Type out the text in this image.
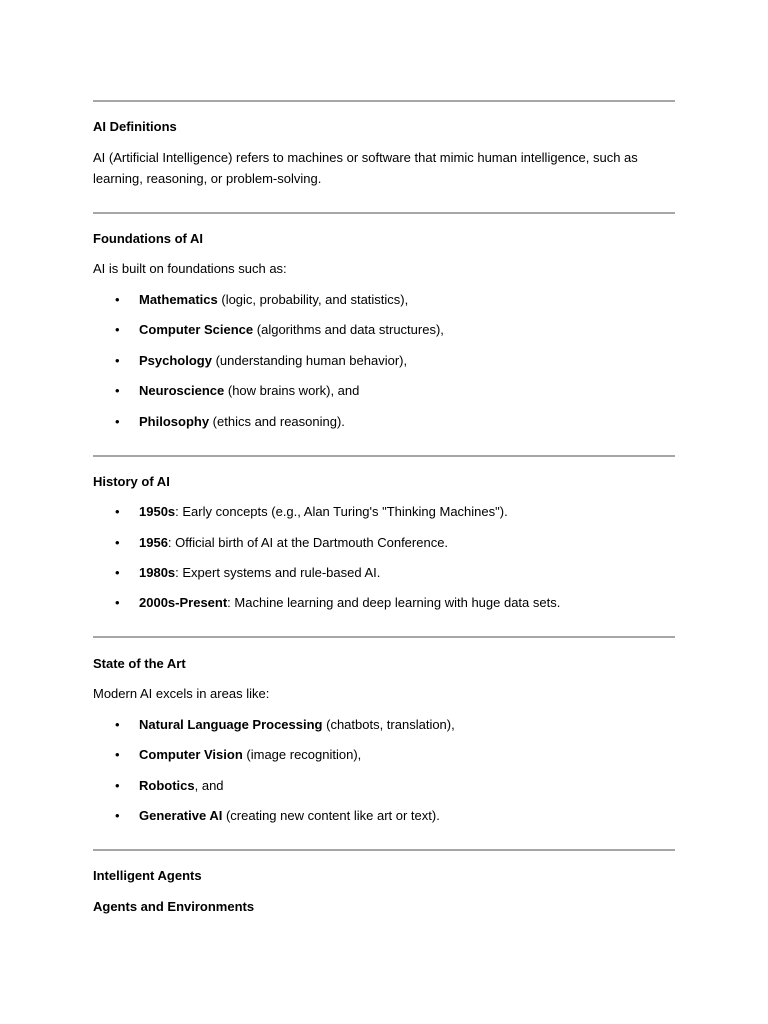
AI Definitions
AI (Artificial Intelligence) refers to machines or software that mimic human intelligence, such as learning, reasoning, or problem-solving.
Foundations of AI
AI is built on foundations such as:
•	Mathematics (logic, probability, and statistics),
•	Computer Science (algorithms and data structures),
•	Psychology (understanding human behavior),
•	Neuroscience (how brains work), and
•	Philosophy (ethics and reasoning).
History of AI
•	1950s: Early concepts (e.g., Alan Turing's "Thinking Machines").
•	1956: Official birth of AI at the Dartmouth Conference.
•	1980s: Expert systems and rule-based AI.
•	2000s-Present: Machine learning and deep learning with huge data sets.
State of the Art
Modern AI excels in areas like:
•	Natural Language Processing (chatbots, translation),
•	Computer Vision (image recognition),
•	Robotics, and
•	Generative AI (creating new content like art or text).
Intelligent Agents
Agents and Environments
